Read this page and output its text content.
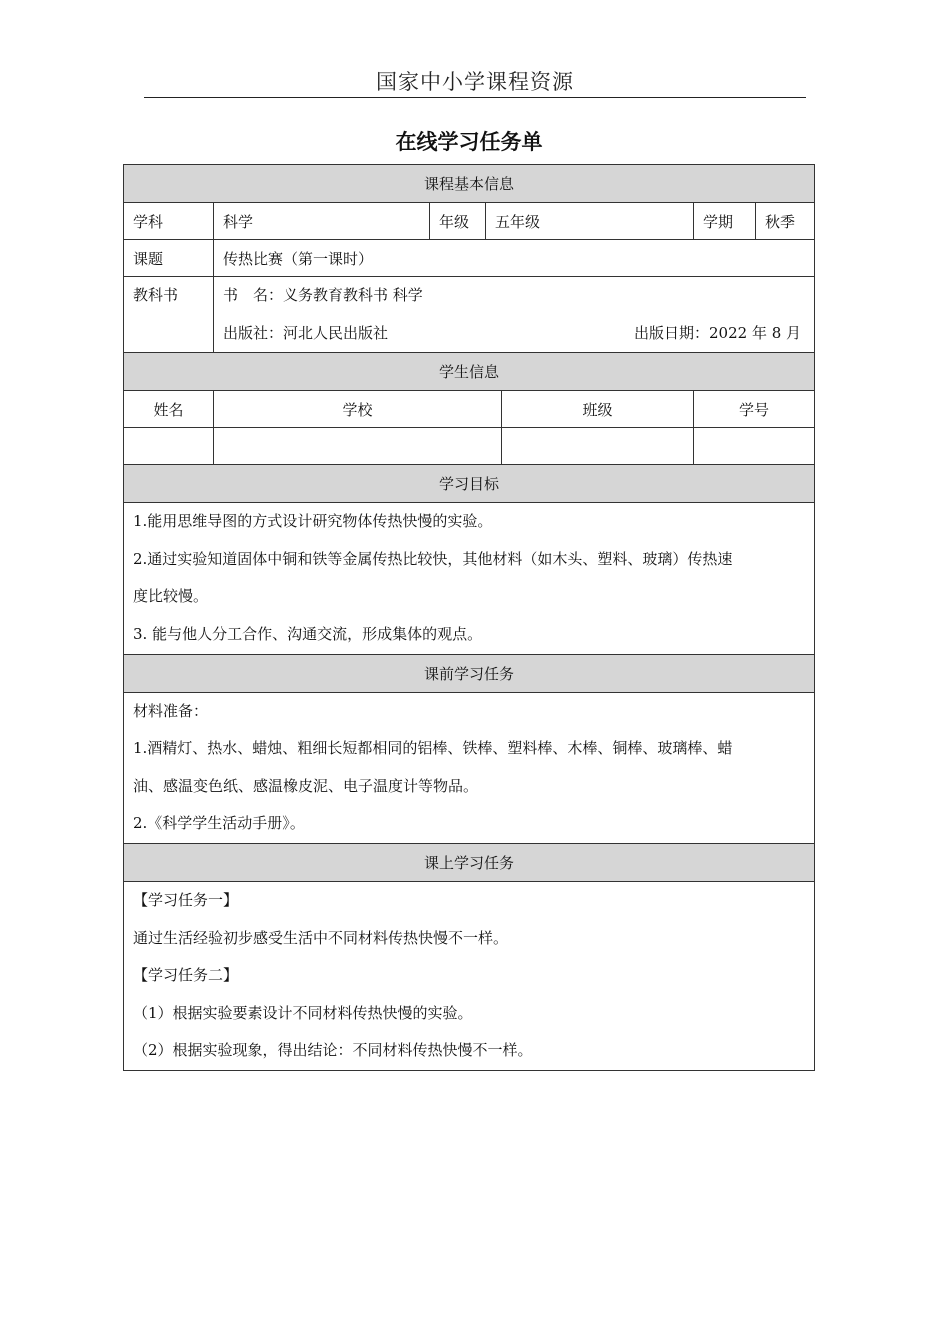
国家中小学课程资源
在线学习任务单
课程基本信息						
学科	科学	年级	五年级		学期	秋季
课题	传热比赛（第一课时）					

教科书	书　名：义务教育教科书 科学
出版社：河北人民出版社 出版日期：2022 年 8 月					

学生信息						
姓名	学校			班级	学号	

学习目标						

1.能用思维导图的方式设计研究物体传热快慢的实验。
2.通过实验知道固体中铜和铁等金属传热比较快，其他材料（如木头、塑料、玻璃）传热速
度比较慢。
3. 能与他人分工合作、沟通交流，形成集体的观点。						

课前学习任务						

材料准备：
1.酒精灯、热水、蜡烛、粗细长短都相同的铝棒、铁棒、塑料棒、木棒、铜棒、玻璃棒、蜡
油、感温变色纸、感温橡皮泥、电子温度计等物品。
2.《科学学生活动手册》。						

课上学习任务						

【学习任务一】
通过生活经验初步感受生活中不同材料传热快慢不一样。
【学习任务二】
（1）根据实验要素设计不同材料传热快慢的实验。
（2）根据实验现象，得出结论：不同材料传热快慢不一样。						
